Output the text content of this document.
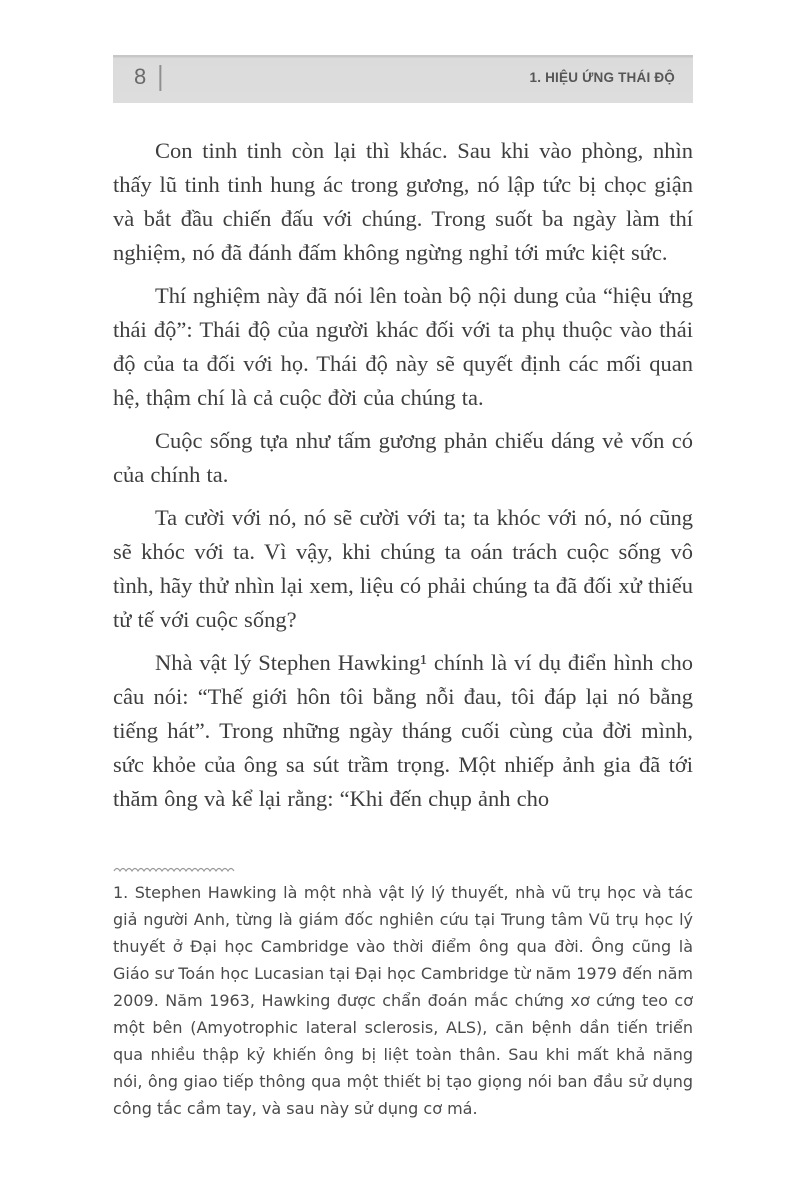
8 |	1. HIỆU ỨNG THÁI ĐỘ

Con tinh tinh còn lại thì khác. Sau khi vào phòng, nhìn thấy lũ tinh tinh hung ác trong gương, nó lập tức bị chọc giận và bắt đầu chiến đấu với chúng. Trong suốt ba ngày làm thí nghiệm, nó đã đánh đấm không ngừng nghỉ tới mức kiệt sức.

Thí nghiệm này đã nói lên toàn bộ nội dung của “hiệu ứng thái độ”: Thái độ của người khác đối với ta phụ thuộc vào thái độ của ta đối với họ. Thái độ này sẽ quyết định các mối quan hệ, thậm chí là cả cuộc đời của chúng ta.

Cuộc sống tựa như tấm gương phản chiếu dáng vẻ vốn có của chính ta.

Ta cười với nó, nó sẽ cười với ta; ta khóc với nó, nó cũng sẽ khóc với ta. Vì vậy, khi chúng ta oán trách cuộc sống vô tình, hãy thử nhìn lại xem, liệu có phải chúng ta đã đối xử thiếu tử tế với cuộc sống?

Nhà vật lý Stephen Hawking¹ chính là ví dụ điển hình cho câu nói: “Thế giới hôn tôi bằng nỗi đau, tôi đáp lại nó bằng tiếng hát”. Trong những ngày tháng cuối cùng của đời mình, sức khỏe của ông sa sút trầm trọng. Một nhiếp ảnh gia đã tới thăm ông và kể lại rằng: “Khi đến chụp ảnh cho

1. Stephen Hawking là một nhà vật lý lý thuyết, nhà vũ trụ học và tác giả người Anh, từng là giám đốc nghiên cứu tại Trung tâm Vũ trụ học lý thuyết ở Đại học Cambridge vào thời điểm ông qua đời. Ông cũng là Giáo sư Toán học Lucasian tại Đại học Cambridge từ năm 1979 đến năm 2009. Năm 1963, Hawking được chẩn đoán mắc chứng xơ cứng teo cơ một bên (Amyotrophic lateral sclerosis, ALS), căn bệnh dần tiến triển qua nhiều thập kỷ khiến ông bị liệt toàn thân. Sau khi mất khả năng nói, ông giao tiếp thông qua một thiết bị tạo giọng nói ban đầu sử dụng công tắc cầm tay, và sau này sử dụng cơ má.
